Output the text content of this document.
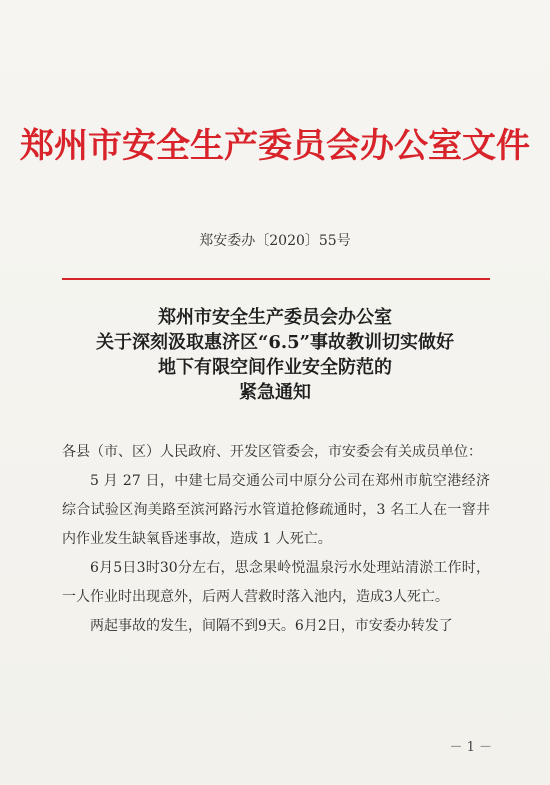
郑州市安全生产委员会办公室文件
郑安委办〔2020〕55号
郑州市安全生产委员会办公室
关于深刻汲取惠济区“6.5”事故教训切实做好
地下有限空间作业安全防范的
紧急通知

各县（市、区）人民政府、开发区管委会，市安委会有关成员单位：

5 月 27 日，中建七局交通公司中原分公司在郑州市航空港经济综合试验区洵美路至滨河路污水管道抢修疏通时，3 名工人在一窨井内作业发生缺氧昏迷事故，造成 1 人死亡。

6月5日3时30分左右，思念果岭悦温泉污水处理站清淤工作时，一人作业时出现意外，后两人营救时落入池内，造成3人死亡。

两起事故的发生，间隔不到9天。6月2日，市安委办转发了

－ 1 －
